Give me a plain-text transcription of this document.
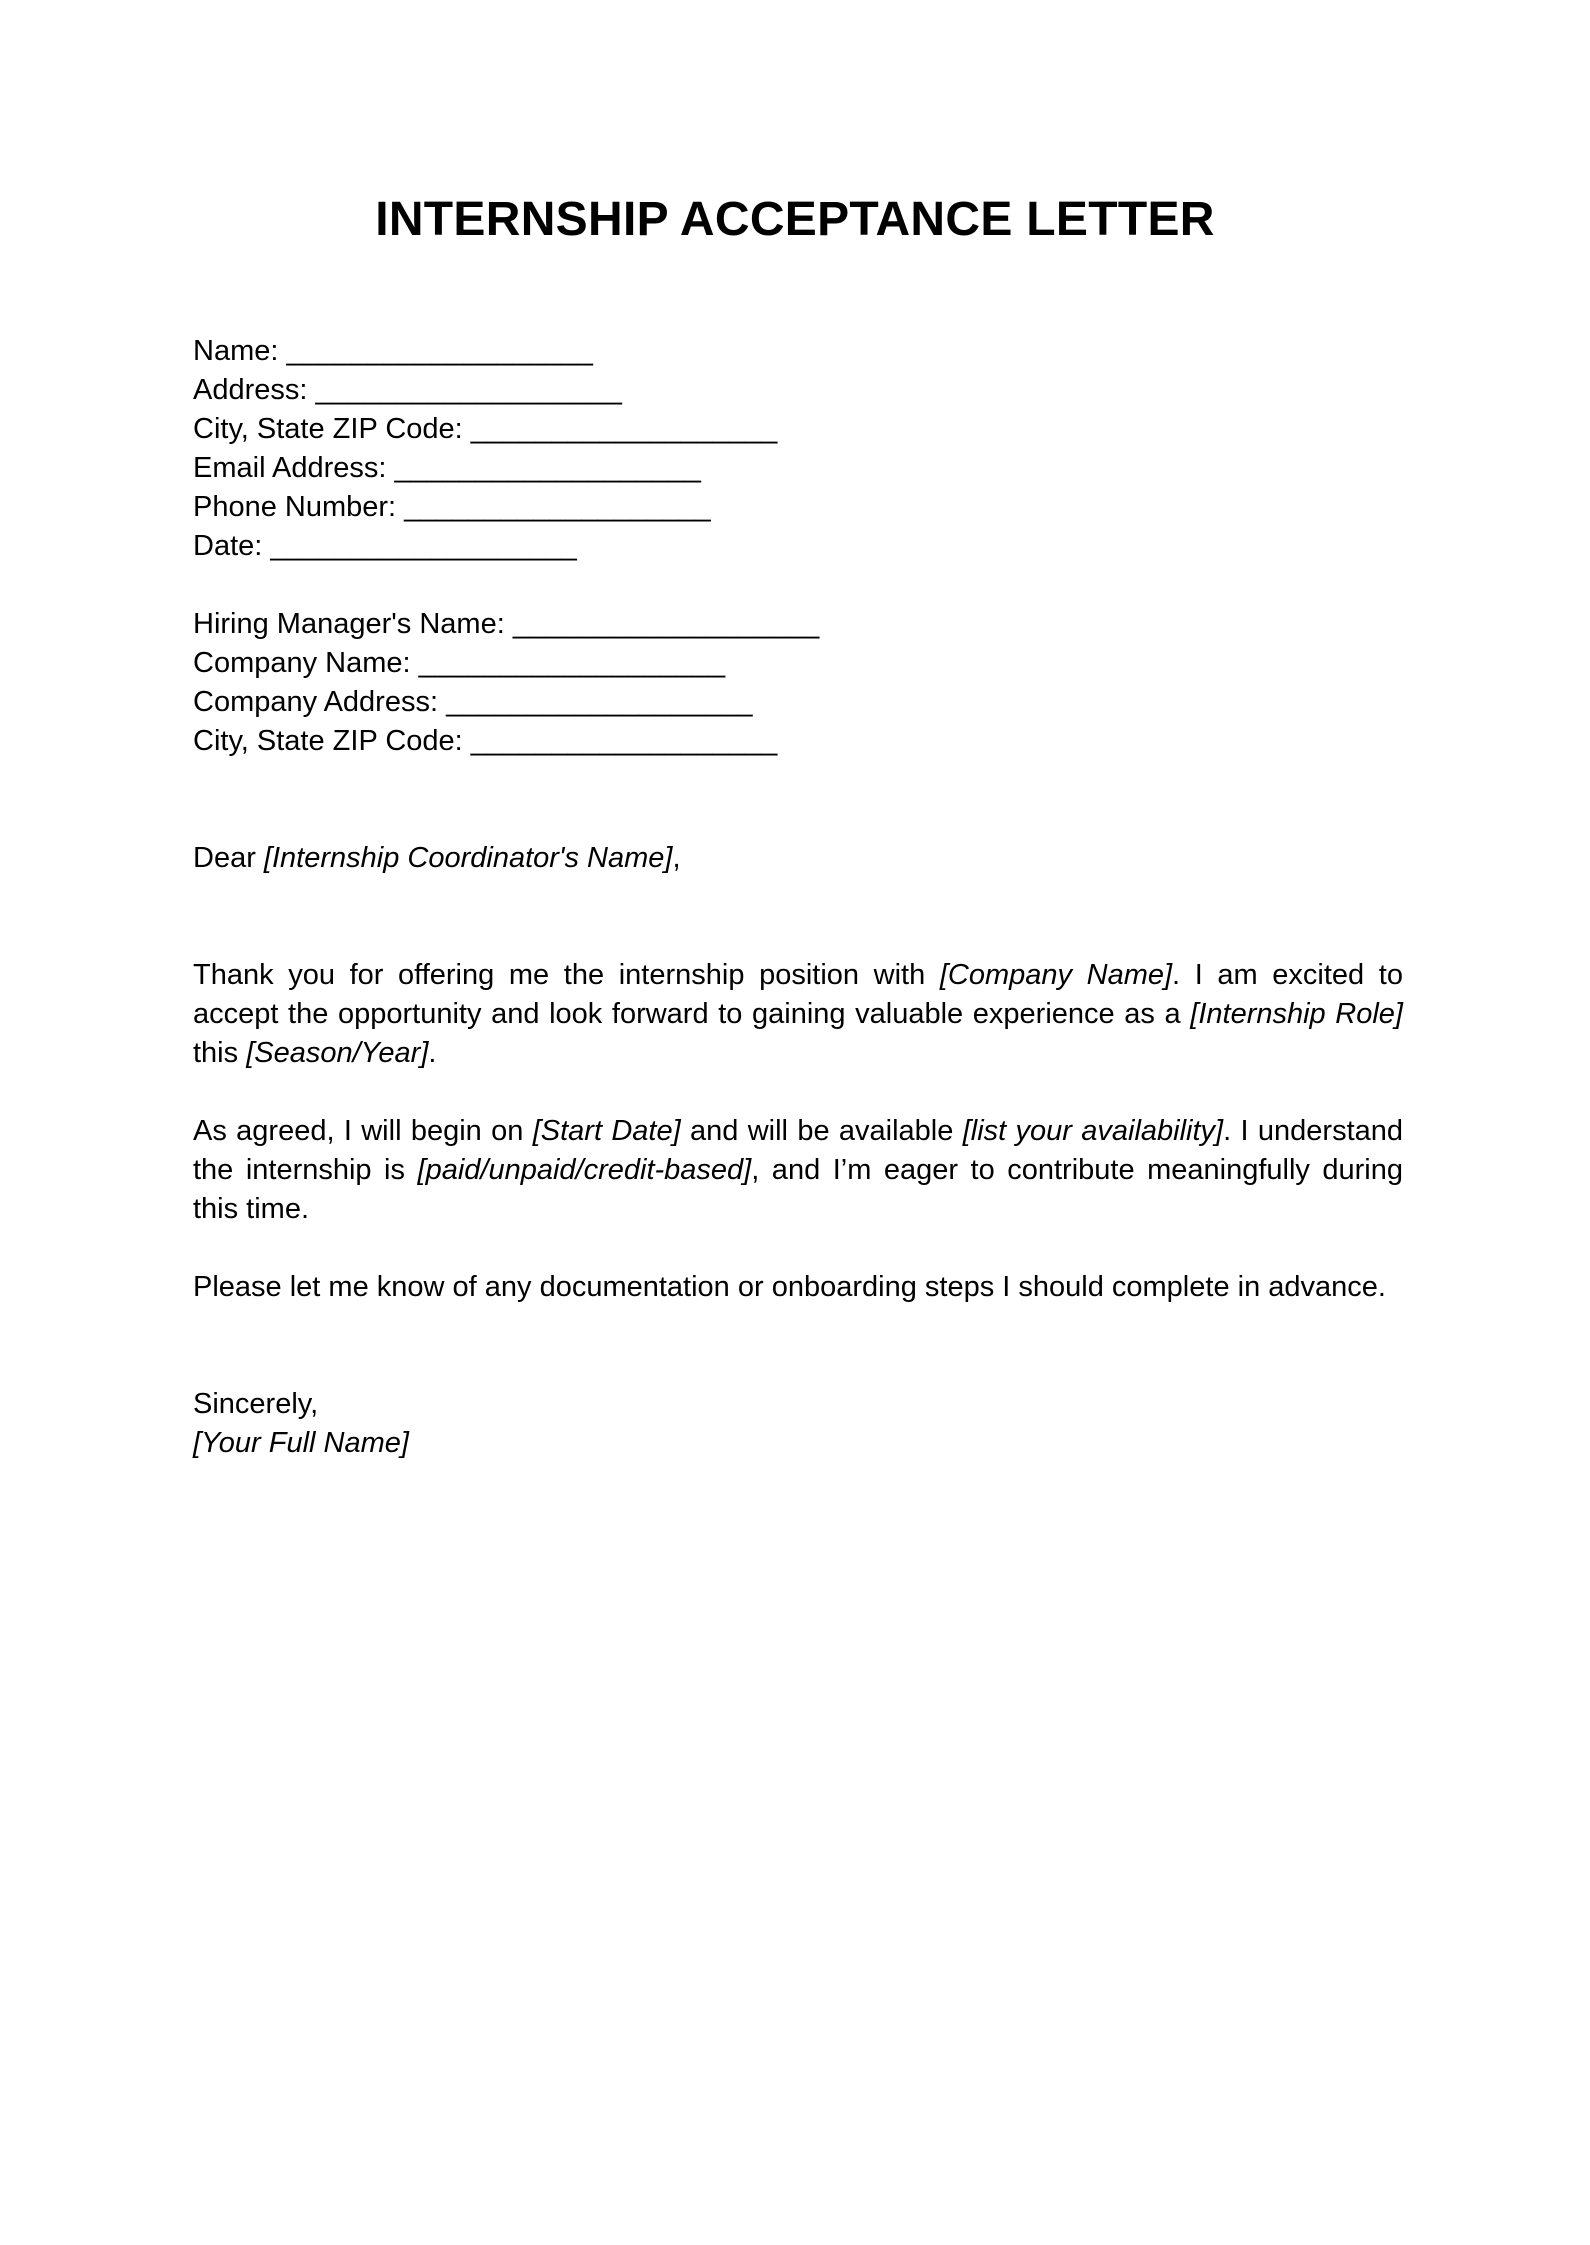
INTERNSHIP ACCEPTANCE LETTER
Name: ___________________
Address: ___________________
City, State ZIP Code: ___________________
Email Address: ___________________
Phone Number: ___________________
Date: ___________________
Hiring Manager's Name: ___________________
Company Name: ___________________
Company Address: ___________________
City, State ZIP Code: ___________________
Dear [Internship Coordinator's Name],
Thank you for offering me the internship position with [Company Name]. I am excited to accept the opportunity and look forward to gaining valuable experience as a [Internship Role] this [Season/Year].
As agreed, I will begin on [Start Date] and will be available [list your availability]. I understand the internship is [paid/unpaid/credit-based], and I’m eager to contribute meaningfully during this time.
Please let me know of any documentation or onboarding steps I should complete in advance.
Sincerely,
[Your Full Name]
